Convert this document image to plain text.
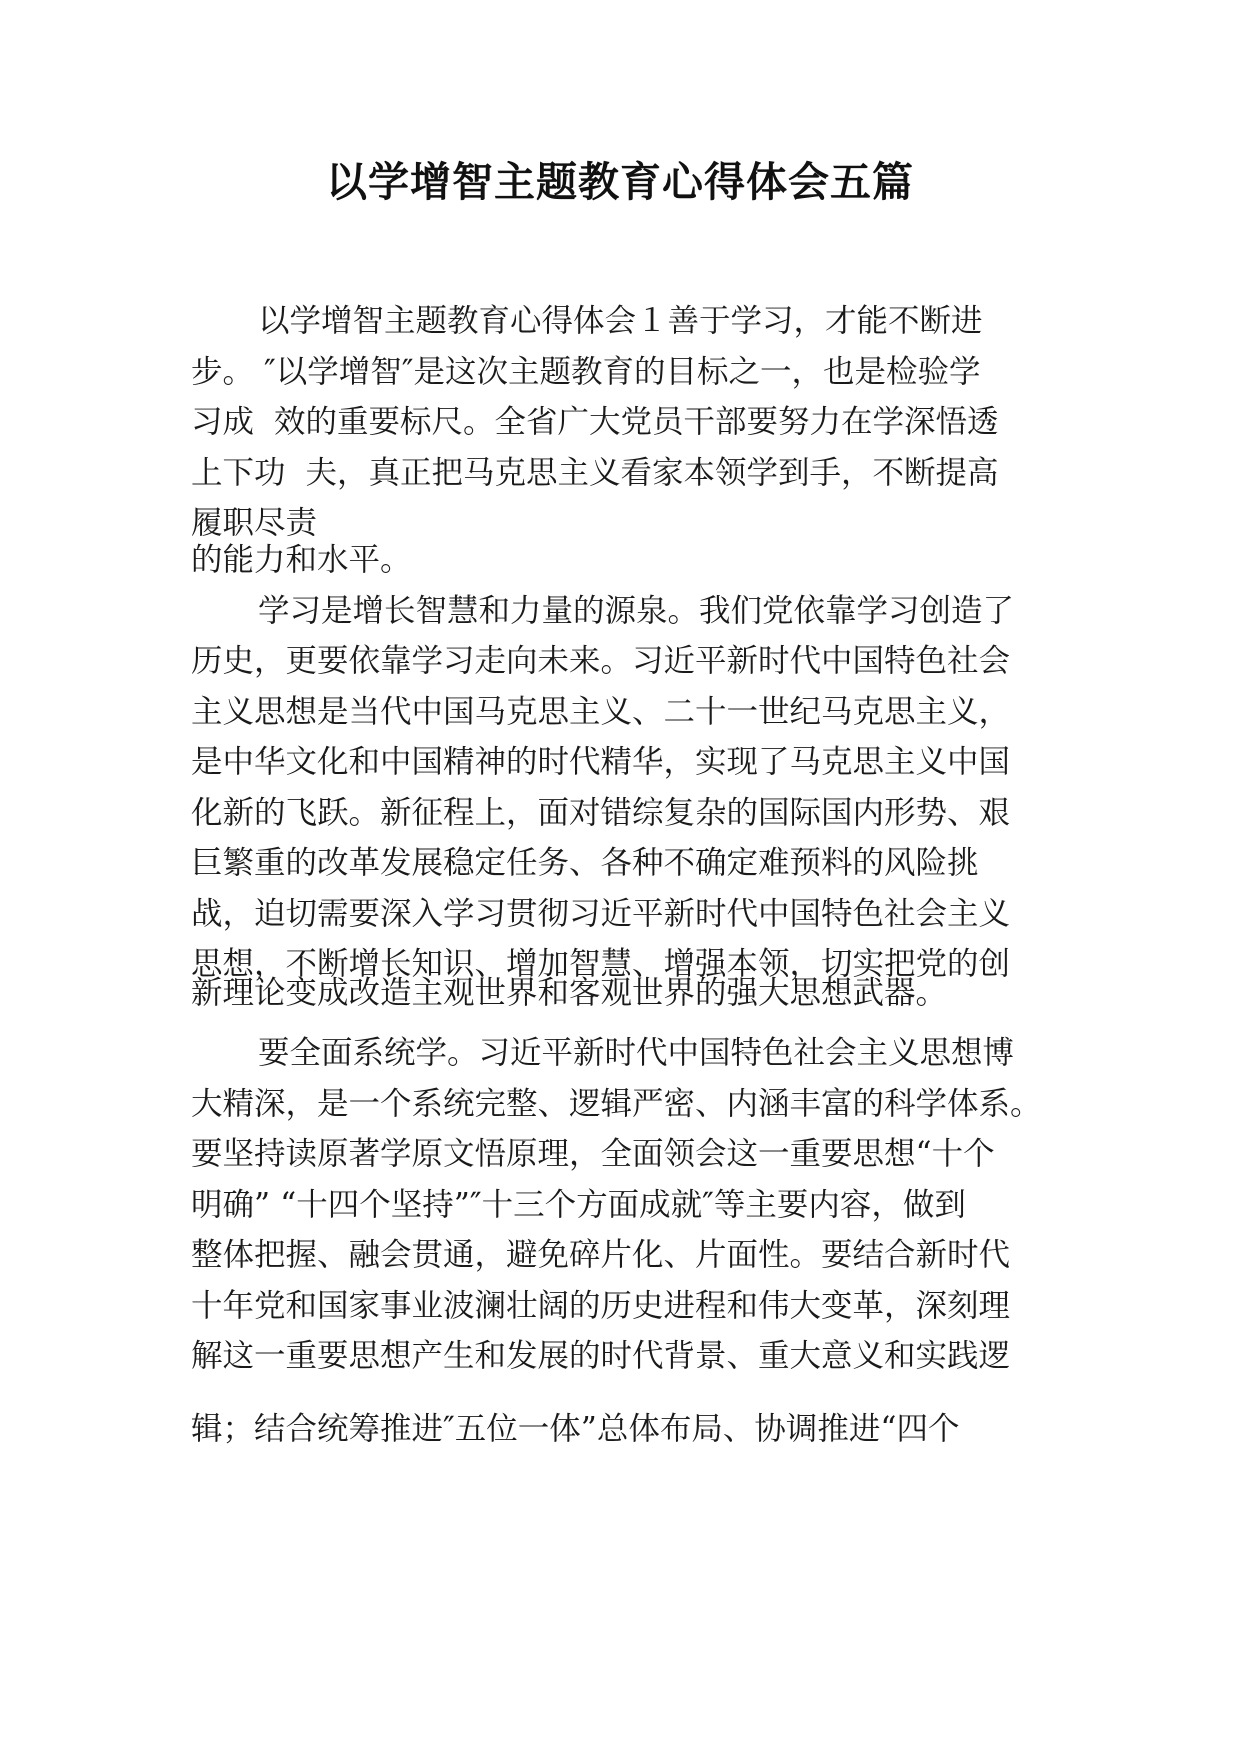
以学增智主题教育心得体会五篇
以学增智主题教育心得体会１善于学习，才能不断进
步。 ″以学增智″是这次主题教育的目标之一，也是检验学
习成  效的重要标尺。全省广大党员干部要努力在学深悟透
上下功  夫，真正把马克思主义看家本领学到手，不断提高
履职尽责
的能力和水平。
学习是增长智慧和力量的源泉。我们党依靠学习创造了
历史，更要依靠学习走向未来。习近平新时代中国特色社会
主义思想是当代中国马克思主义、二十一世纪马克思主义，
是中华文化和中国精神的时代精华，实现了马克思主义中国
化新的飞跃。新征程上，面对错综复杂的国际国内形势、艰
巨繁重的改革发展稳定任务、各种不确定难预料的风险挑
战，迫切需要深入学习贯彻习近平新时代中国特色社会主义
思想，不断增长知识、增加智慧、增强本领，切实把党的创
新理论变成改造主观世界和客观世界的强大思想武器。
要全面系统学。习近平新时代中国特色社会主义思想博
大精深，是一个系统完整、逻辑严密、内涵丰富的科学体系。
要坚持读原著学原文悟原理，全面领会这一重要思想“十个
明确” “十四个坚持”″十三个方面成就″等主要内容，做到
整体把握、融会贯通，避免碎片化、片面性。要结合新时代
十年党和国家事业波澜壮阔的历史进程和伟大变革，深刻理
解这一重要思想产生和发展的时代背景、重大意义和实践逻
辑；结合统筹推进″五位一体”总体布局、协调推进“四个
